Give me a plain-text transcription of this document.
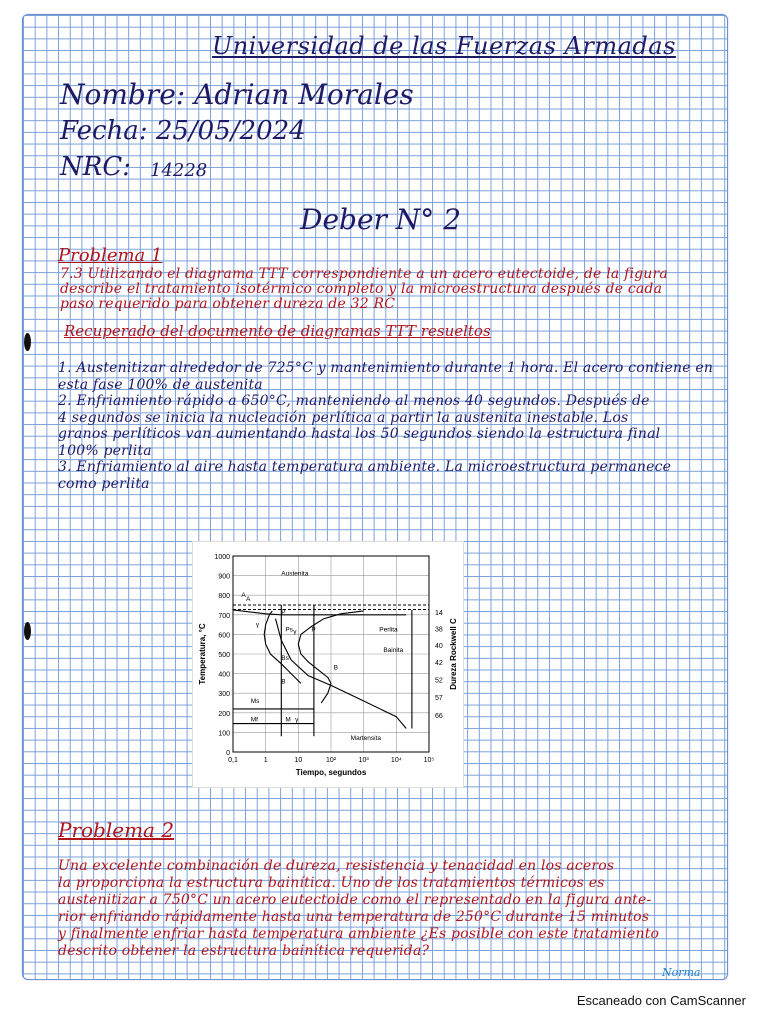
Universidad de las Fuerzas Armadas
Nombre: Adrian Morales
Fecha: 25/05/2024
NRC: 14228
Deber N° 2
Problema 1
7.3 Utilizando el diagrama TTT correspondiente a un acero eutectoide, de la figura
describe el tratamiento isotérmico completo y la microestructura después de cada
paso requerido para obtener dureza de 32 RC
Recuperado del documento de diagramas TTT resueltos
1. Austenitizar alrededor de 725°C y mantenimiento durante 1 hora. El acero contiene en
esta fase 100% de austenita
2. Enfriamiento rápido a 650°C, manteniendo al menos 40 segundos. Después de
4 segundos se inicia la nucleación perlítica a partir la austenita inestable. Los
granos perlíticos van aumentando hasta los 50 segundos siendo la estructura final
100% perlita
3. Enfriamiento al aire hasta temperatura ambiente. La microestructura permanece
como perlita
0
100
200
300
400
500
600
700
800
900
1000
0,1	1	10	10²	10³	10⁴	10⁵
Austenita
A
A
P
γ
Ps γ P	Perlita
Bainita
Bs
B
B
Ms
Mf	M γ
Martensita
14
38
40
42
52
57
66
Tiempo, segundos
Temperatura, °C	Dureza Rockwell C
Problema 2
Una excelente combinación de dureza, resistencia y tenacidad en los aceros
la proporciona la estructura bainítica. Uno de los tratamientos térmicos es
austenitizar a 750°C un acero eutectoide como el representado en la figura ante-
rior enfriando rápidamente hasta una temperatura de 250°C durante 15 minutos
y finalmente enfriar hasta temperatura ambiente ¿Es posible con este tratamiento
descrito obtener la estructura bainítica requerida?
Norma
Escaneado con CamScanner
